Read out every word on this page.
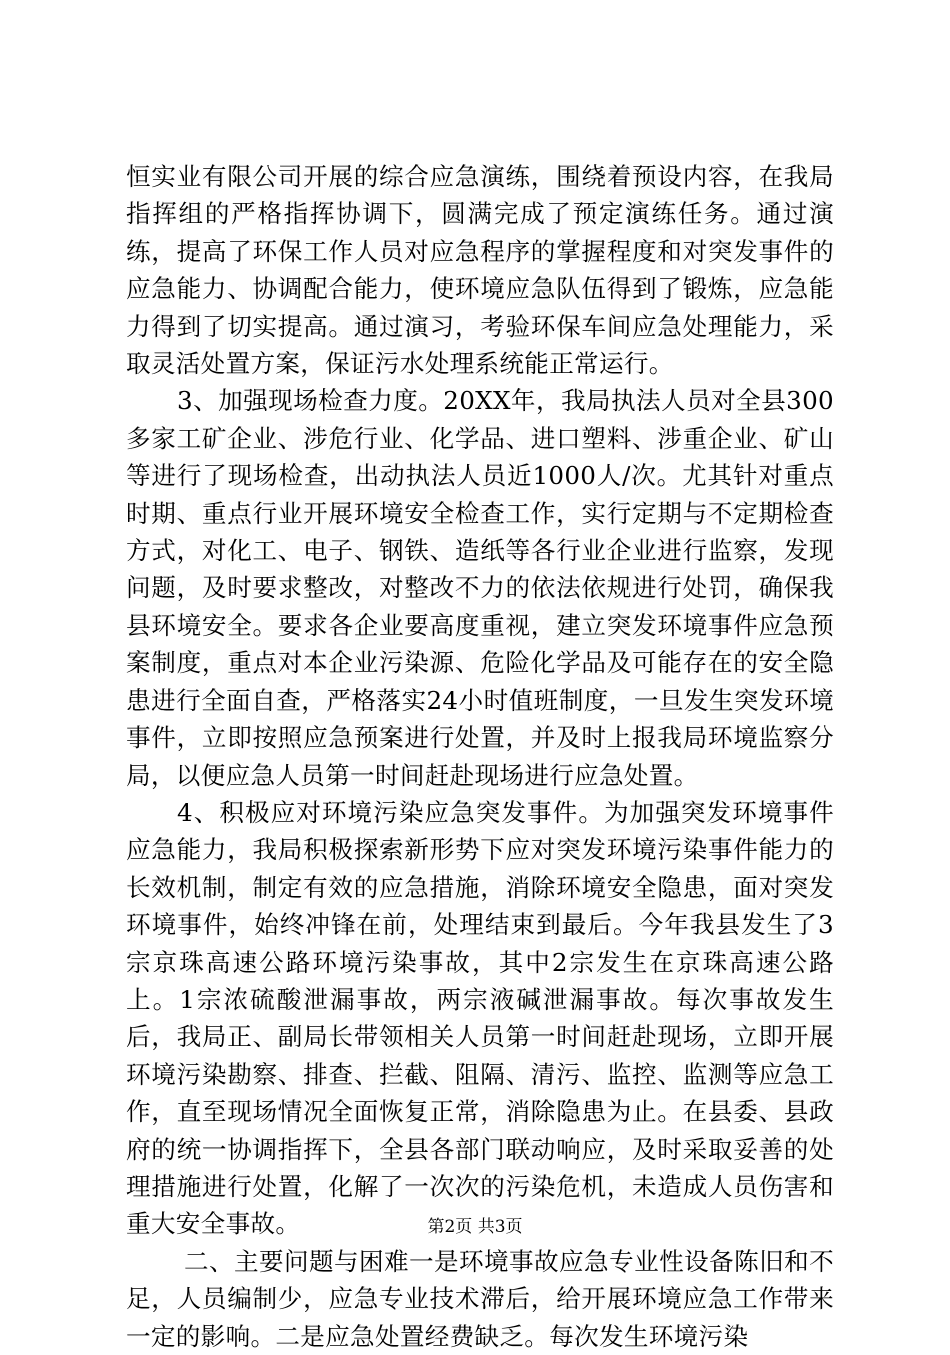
恒实业有限公司开展的综合应急演练，围绕着预设内容，在我局指挥组的严格指挥协调下，圆满完成了预定演练任务。通过演练，提高了环保工作人员对应急程序的掌握程度和对突发事件的应急能力、协调配合能力，使环境应急队伍得到了锻炼，应急能力得到了切实提高。通过演习，考验环保车间应急处理能力，采取灵活处置方案，保证污水处理系统能正常运行。

3、加强现场检查力度。20XX年，我局执法人员对全县300多家工矿企业、涉危行业、化学品、进口塑料、涉重企业、矿山等进行了现场检查，出动执法人员近1000人/次。尤其针对重点时期、重点行业开展环境安全检查工作，实行定期与不定期检查方式，对化工、电子、钢铁、造纸等各行业企业进行监察，发现问题，及时要求整改，对整改不力的依法依规进行处罚，确保我县环境安全。要求各企业要高度重视，建立突发环境事件应急预案制度，重点对本企业污染源、危险化学品及可能存在的安全隐患进行全面自查，严格落实24小时值班制度，一旦发生突发环境事件，立即按照应急预案进行处置，并及时上报我局环境监察分局，以便应急人员第一时间赶赴现场进行应急处置。

4、积极应对环境污染应急突发事件。为加强突发环境事件应急能力，我局积极探索新形势下应对突发环境污染事件能力的长效机制，制定有效的应急措施，消除环境安全隐患，面对突发环境事件，始终冲锋在前，处理结束到最后。今年我县发生了3宗京珠高速公路环境污染事故，其中2宗发生在京珠高速公路上。1宗浓硫酸泄漏事故，两宗液碱泄漏事故。每次事故发生后，我局正、副局长带领相关人员第一时间赶赴现场，立即开展环境污染勘察、排查、拦截、阻隔、清污、监控、监测等应急工作，直至现场情况全面恢复正常，消除隐患为止。在县委、县政府的统一协调指挥下，全县各部门联动响应，及时采取妥善的处理措施进行处置，化解了一次次的污染危机，未造成人员伤害和重大安全事故。

二、主要问题与困难一是环境事故应急专业性设备陈旧和不足，人员编制少，应急专业技术滞后，给开展环境应急工作带来一定的影响。二是应急处置经费缺乏。每次发生环境污染

第2页 共3页
